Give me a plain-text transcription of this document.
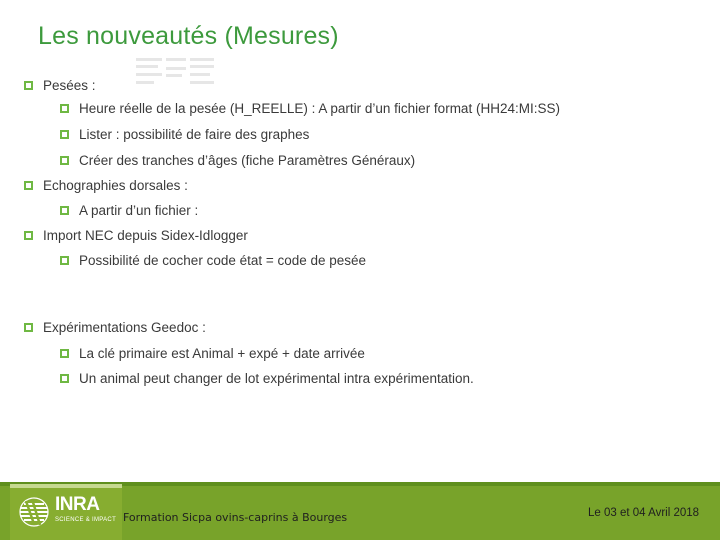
Les nouveautés (Mesures)
Pesées :
Heure réelle de la pesée (H_REELLE) : A partir d’un fichier format (HH24:MI:SS)
Lister : possibilité de faire des graphes
Créer des tranches d’âges (fiche Paramètres Généraux)
Echographies dorsales :
A partir d’un fichier :
Import NEC depuis Sidex-Idlogger
Possibilité de cocher code état = code de pesée
Expérimentations Geedoc :
La clé primaire est Animal + expé + date arrivée
Un animal peut changer de lot expérimental intra expérimentation.
INRA
SCIENCE & IMPACT Formation Sicpa ovins-caprins à Bourges	Le 03 et 04 Avril 2018
